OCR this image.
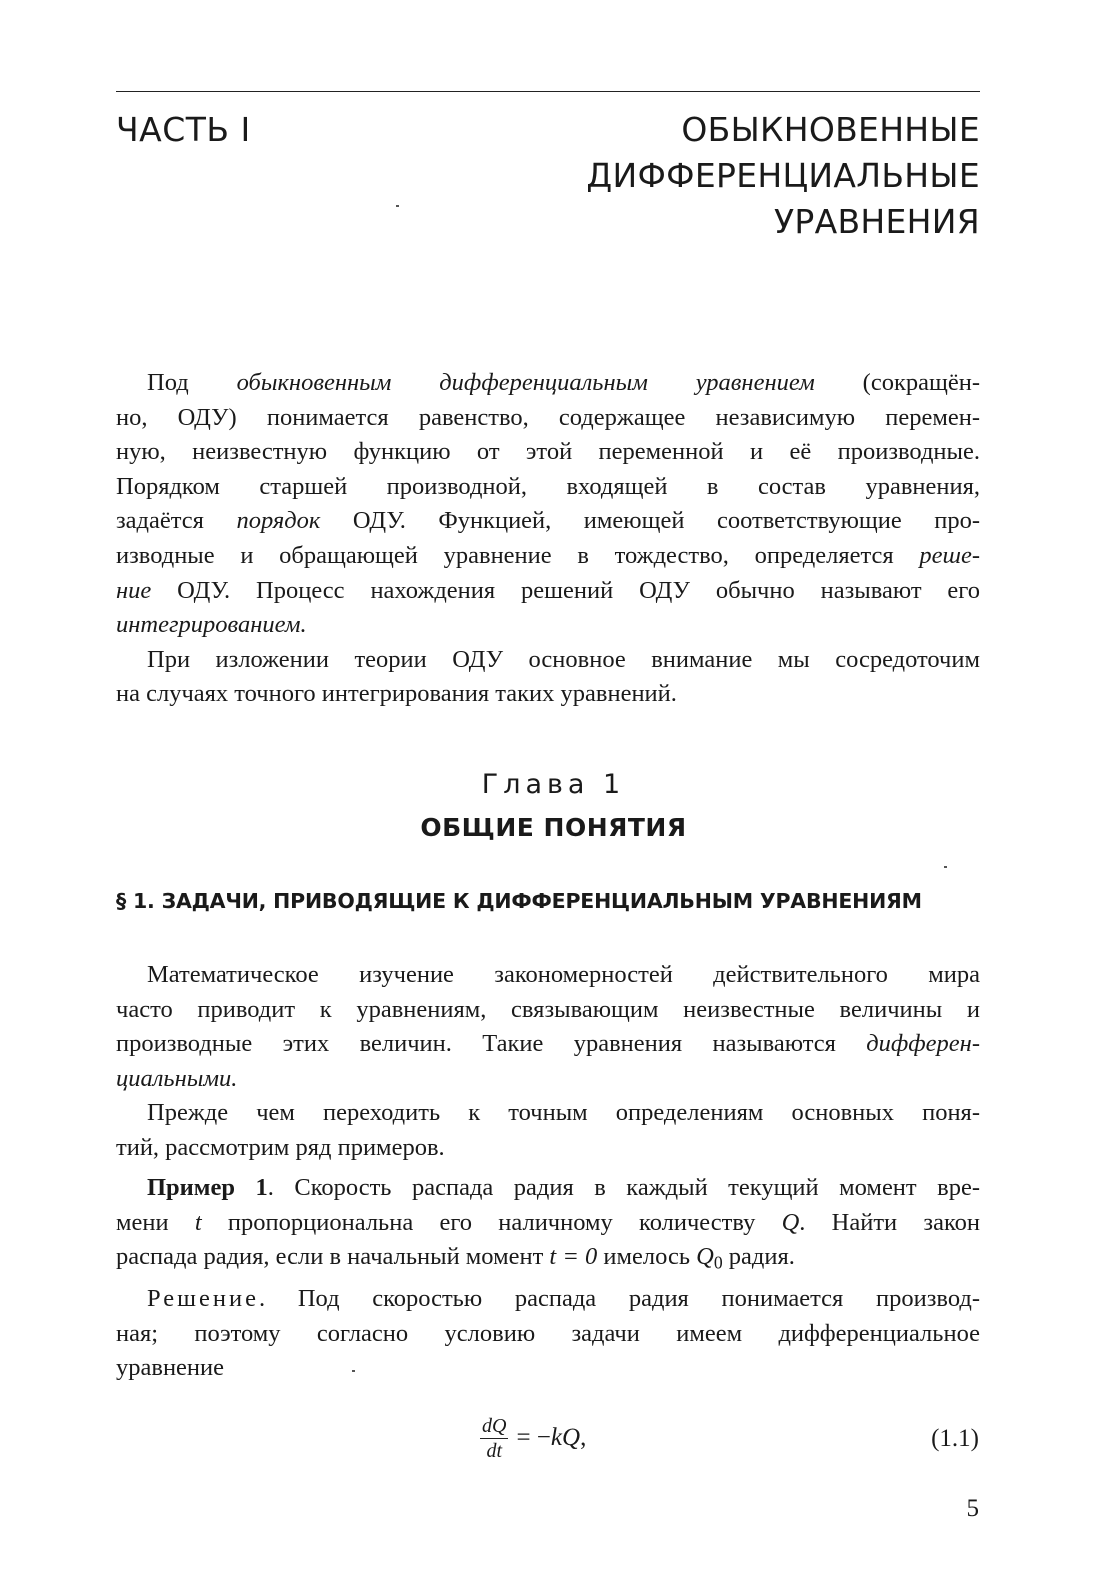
ЧАСТЬ I	ОБЫКНОВЕННЫЕ
ДИФФЕРЕНЦИАЛЬНЫЕ
УРАВНЕНИЯ

Под обыкновенным дифференциальным уравнением (сокращён-
но, ОДУ) понимается равенство, содержащее независимую перемен-
ную, неизвестную функцию от этой переменной и её производные.
Порядком старшей производной, входящей в состав уравнения,
задаётся порядок ОДУ. Функцией, имеющей соответствующие про-
изводные и обращающей уравнение в тождество, определяется реше-
ние ОДУ. Процесс нахождения решений ОДУ обычно называют его
интегрированием.

При изложении теории ОДУ основное внимание мы сосредоточим
на случаях точного интегрирования таких уравнений.

Глава 1
ОБЩИЕ ПОНЯТИЯ
§ 1. ЗАДАЧИ, ПРИВОДЯЩИЕ К ДИФФЕРЕНЦИАЛЬНЫМ УРАВНЕНИЯМ

Математическое изучение закономерностей действительного мира
часто приводит к уравнениям, связывающим неизвестные величины и
производные этих величин. Такие уравнения называются дифферен-
циальными.

Прежде чем переходить к точным определениям основных поня-
тий, рассмотрим ряд примеров.

Пример 1. Скорость распада радия в каждый текущий момент вре-
мени t пропорциональна его наличному количеству Q. Найти закон
распада радия, если в начальный момент t = 0 имелось $Q_0$ радия.

Решение. Под скоростью распада радия понимается производ-
ная; поэтому согласно условию задачи имеем дифференциальное
уравнение

$\frac{dQ}{dt} = -kQ$,	(1.1)
5
